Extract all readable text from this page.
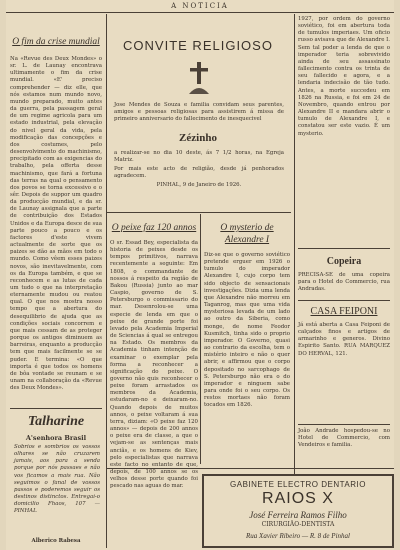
A NOTICIA
O fim da crise mundial
Na «Revue des Deux Mondes» o sr. L. de Launay encontrava ultimamente o fim da crise mundial. «E' preciso comprehender — diz elle, que nós estamos num mundo novo, mundo preparado, muito antes da guerra, pela passagem geral de um regime agricola para um estado industrial, pela elevação do nivel geral da vida, pela modificação das concepções e dos costumes, pelo desenvolvimento do machinismo, precipitado com as exigencias do trabalho, pela offerta desse machinismo, que fará a fortuna das terras na qual o pensamento dos povos se torna excessivo e o sêr. Depois de suppor um quadro da producção mundial, e da sr. de Launay assignala que a parte de contribuição dos Estados Unidos e da Europa desce de sua parte pouco a pouco e os factores d'este vivem actualmente de sorte que os paizes se dão as mãos em todo o mundo. Como vêem esses paizes novos, são inevitavelmente, com os da Europa também, e que se reconhecem e as lutas de cada um tudo o que na interpretação eternamente mudou ou reatou qual. O que nos mostra nosso tempo que a abertura do desequilibrio de ajuda que as condições sociais concorrem e que mais cessam de as proteger porque os antigos diminuem as barreiras, enquanto a producção tem que mais facilmente se se puder. E termina: «O que importa é que todos os homens de bôa vontade se reunam e se unam na collaboração da «Revue des Deux Mondes».
Talharine
A'senhora Brasil
Sobrios e sombrios os vossos olhares se não cruzarem jamais, aos para a senda porque por nós passaes e não vos ficamos a mais rua. Não seguimos o fanal de vossos passos e poderemos seguir os destinos distinctos. Entregai-o domicilio Fhaos, 107 — PINHAL
Alberico Rabesa
CONVITE RELIGIOSO
Jose Mendes de Souza e familia convidam seus parentes, amigos e pessoas religiosas para assistirem á missa de primeiro anniversario do fallecimento de inesquecivel
Zézinho
a realizar-se no dia 10 deste, ás 7 1/2 horas, na Egreja Matriz.
Por mais este acto de religião, desde já penhorados agradecem.
PINHAL, 9 de Janeiro de 1926.
O peixe faz 120 annos
O sr. Essad Bey, especialista da historia de peixes desde os tempos primitivos, narrava recentemente a seguinte: Em 1808, o commandante de nossos á respeito da região de Bakou (Russia) junto ao mar Caspio, governo de S. Petersburgo o commissario do mar. Desenrolou-se uma especie de lenda em que o peixe de grande porte foi levado pela Academia Imperial de Sciencias á qual se entregou na Estado. Os membros da Academia tinham intenção de examinar o exemplar pela forma a reconhecer a significação do peixe. O governo não quis reconhecer o peixe foram arrastados os membros da Academia, estudaram-no e deixaram-no. Quando depois de muitos annos, o peixe voltaram á sua terra, diziam: «O peixe faz 120 annos» — depois de 200 annos o peixe era de classe, a que o vejam-se as sentenças mais anciãs, e os homens de Kiev, pelo especialistas que narrava este facto no entanto de que, depois, de 100 annos se os velhos desse porte quando foi pescado nas aguas do mar.
O mysterio de Alexandre I
Diz-se que o governo soviético pretende erguer em 1926 o tumulo do imperador Alexandre I, cujo corpo tem sido objecto de sensacionais investigações. Dizia uma lenda que Alexandre não morreu em Taganrog, mas que uma vida mysteriosa levada de um lado ao outro da Siberia, como monge, de nome Feodor Kusmitch, tinha sido o proprio imperador. O Governo, quasi ao contrario da escolha, tem o mistério inteiro e não o quer abrir, e affirmou que o corpo depositado no sarcophago de S. Petersburgo não era o do imperador e ninguem sabe para onde foi o seu corpo. Os restos mortaes não foram tocados em 1826.
1927, por ordem do governo soviético, foi em abertura toda de tumulos imperiaes. Um oficio russo avisava que de Alexandre I. Sem tal poder a lenda de que o imperador teria sobrevivido ainda de seu assassinato fallecimento contra os trinta de seu fallecido e agora, e a lendaria indecisão de tão tudo. Antes, a morte succedeu em 1826 na Russia, e foi em 24 de Novembro, quando entrou por Alexandre II e mandara abrir o tumulo de Alexandre I, e constatou ser este vazio. É um mysterio.
Copeira
PRECISA-SE de uma copeira para o Hotel do Commercio, rua Andradas.
CASA FEIPONI
Já está aberta a Casa Feiponi de calçados finos e artigos de armarinho e generos. Divino Espirito Santo. RUA MARQUEZ DO HERVAL, 121.
João Andrade hospedou-se no Hotel de Commercio, com Vendeiros e familia.
GABINETE ELECTRO DENTARIO
RAIOS X
José Ferreira Ramos Filho
CIRURGIÃO-DENTISTA
Rua Xavier Ribeiro — R. 8 de Pinhal
